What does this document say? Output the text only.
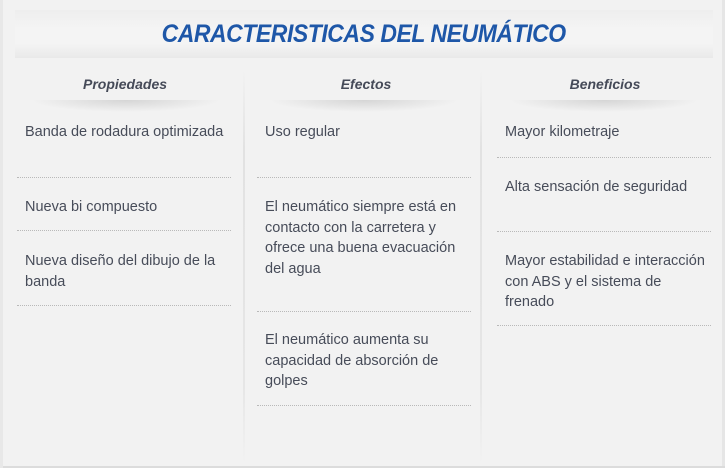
CARACTERISTICAS DEL NEUMÁTICO
Propiedades
Banda de rodadura optimizada
Nueva bi compuesto
Nueva diseño del dibujo de la banda
Efectos
Uso regular
El neumático siempre está en contacto con la carretera y ofrece una buena evacuación del agua
El neumático aumenta su capacidad de absorción de golpes
Beneficios
Mayor kilometraje
Alta sensación de seguridad
Mayor estabilidad e interacción con ABS y el sistema de frenado
